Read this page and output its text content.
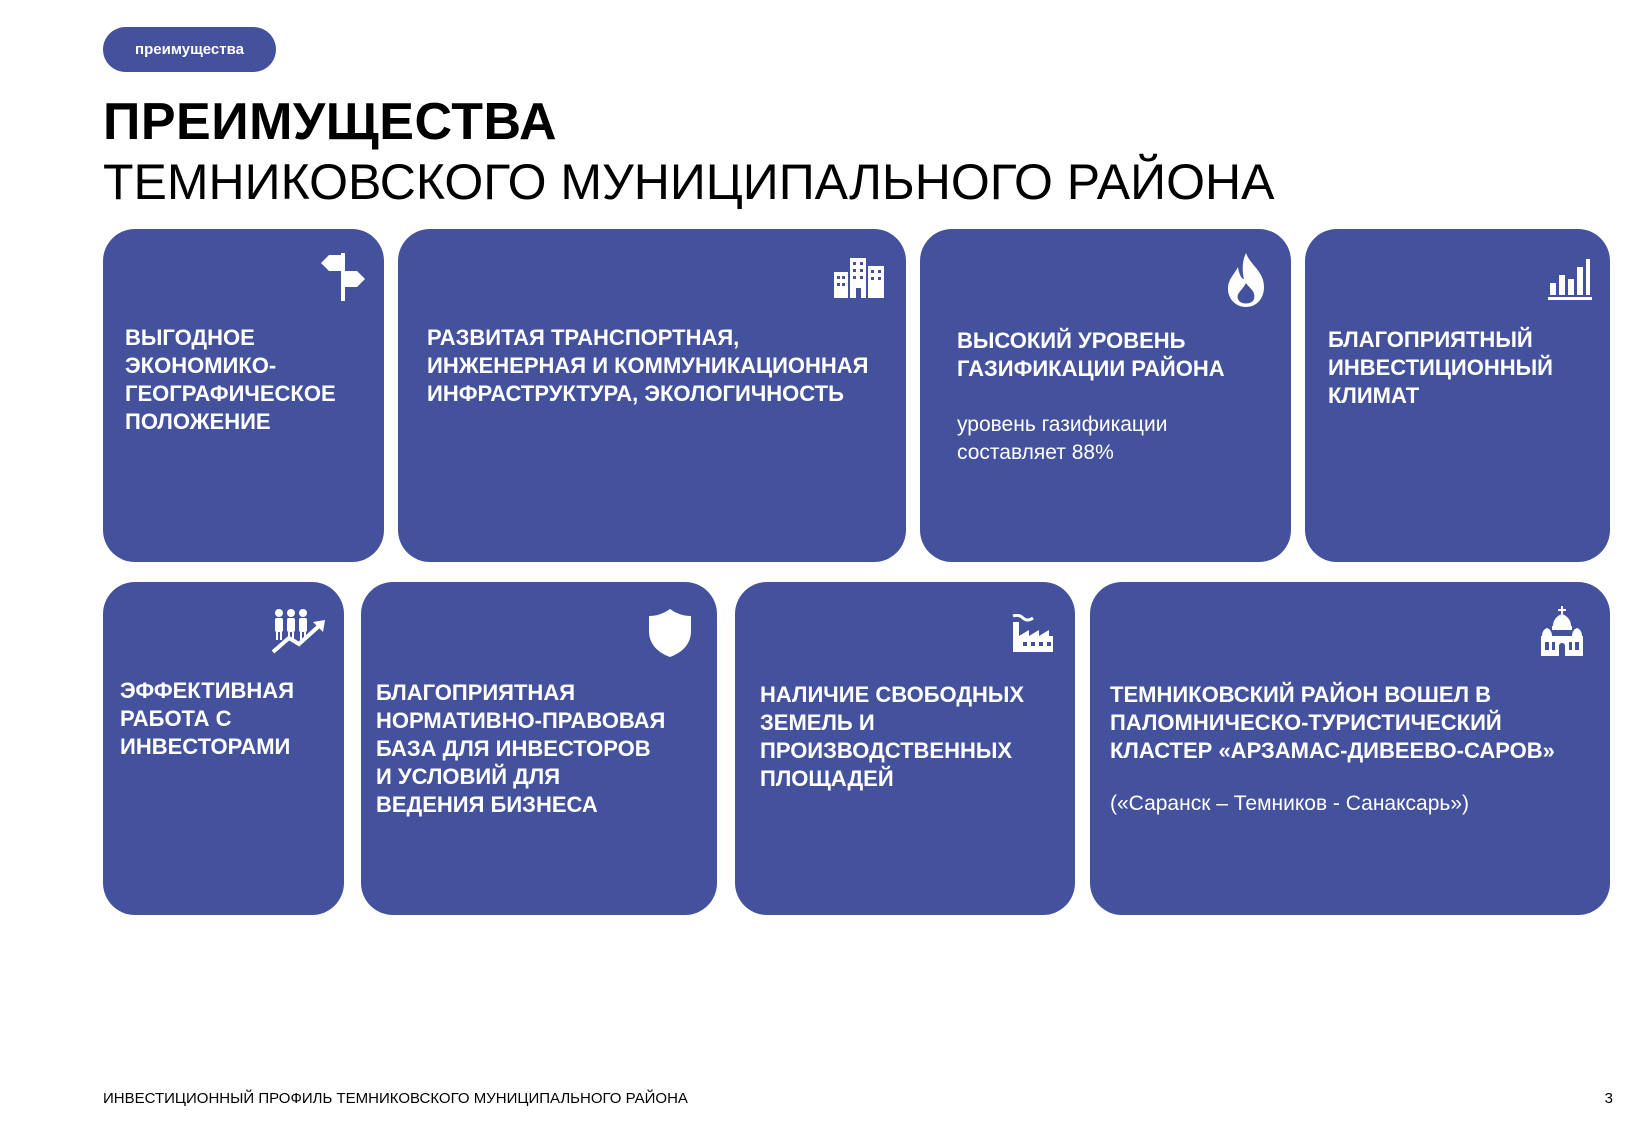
преимущества
ПРЕИМУЩЕСТВА
ТЕМНИКОВСКОГО МУНИЦИПАЛЬНОГО РАЙОНА
ВЫГОДНОЕ
ЭКОНОМИКО-
ГЕОГРАФИЧЕСКОЕ
ПОЛОЖЕНИЕ
РАЗВИТАЯ ТРАНСПОРТНАЯ,
ИНЖЕНЕРНАЯ И КОММУНИКАЦИОННАЯ
ИНФРАСТРУКТУРА, ЭКОЛОГИЧНОСТЬ
ВЫСОКИЙ УРОВЕНЬ
ГАЗИФИКАЦИИ РАЙОНА
уровень газификации
составляет 88%
БЛАГОПРИЯТНЫЙ
ИНВЕСТИЦИОННЫЙ
КЛИМАТ
ЭФФЕКТИВНАЯ
РАБОТА С
ИНВЕСТОРАМИ
БЛАГОПРИЯТНАЯ
НОРМАТИВНО-ПРАВОВАЯ
БАЗА ДЛЯ ИНВЕСТОРОВ
И УСЛОВИЙ ДЛЯ
ВЕДЕНИЯ БИЗНЕСА
НАЛИЧИЕ СВОБОДНЫХ
ЗЕМЕЛЬ И
ПРОИЗВОДСТВЕННЫХ
ПЛОЩАДЕЙ
ТЕМНИКОВСКИЙ РАЙОН ВОШЕЛ В
ПАЛОМНИЧЕСКО-ТУРИСТИЧЕСКИЙ
КЛАСТЕР «АРЗАМАС-ДИВЕЕВО-САРОВ»
(«Саранск – Темников - Санаксарь»)
ИНВЕСТИЦИОННЫЙ ПРОФИЛЬ ТЕМНИКОВСКОГО МУНИЦИПАЛЬНОГО РАЙОНА	3
